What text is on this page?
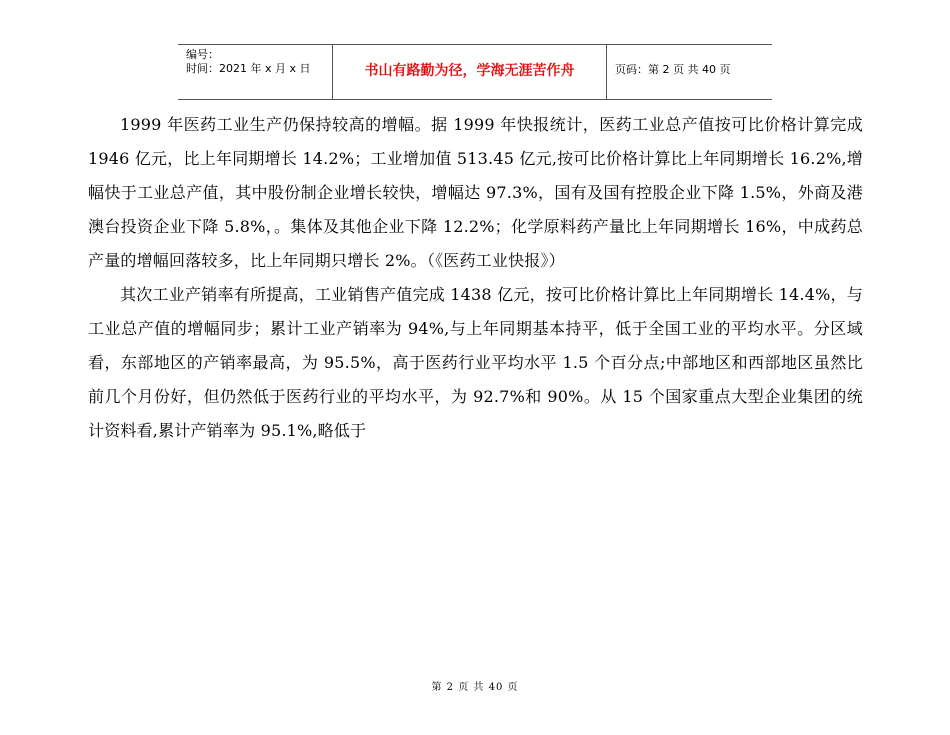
编号：
时间：2021 年 x 月 x 日	书山有路勤为径，学海无涯苦作舟	页码：第 2 页 共 40 页

1999 年医药工业生产仍保持较高的增幅。据 1999 年快报统计，医药工业总产值按可比价格计算完成 1946 亿元，比上年同期增长 14.2%；工业增加值 513.45 亿元,按可比价格计算比上年同期增长 16.2%,增幅快于工业总产值，其中股份制企业增长较快，增幅达 97.3%，国有及国有控股企业下降 1.5%，外商及港澳台投资企业下降 5.8%，。集体及其他企业下降 12.2%；化学原料药产量比上年同期增长 16%，中成药总产量的增幅回落较多，比上年同期只增长 2%。（《医药工业快报》）

其次工业产销率有所提高，工业销售产值完成 1438 亿元，按可比价格计算比上年同期增长 14.4%，与工业总产值的增幅同步；累计工业产销率为 94%,与上年同期基本持平，低于全国工业的平均水平。分区域看，东部地区的产销率最高，为 95.5%，高于医药行业平均水平 1.5 个百分点;中部地区和西部地区虽然比前几个月份好，但仍然低于医药行业的平均水平，为 92.7%和 90%。从 15 个国家重点大型企业集团的统计资料看,累计产销率为 95.1%,略低于

第 2 页 共 40 页
